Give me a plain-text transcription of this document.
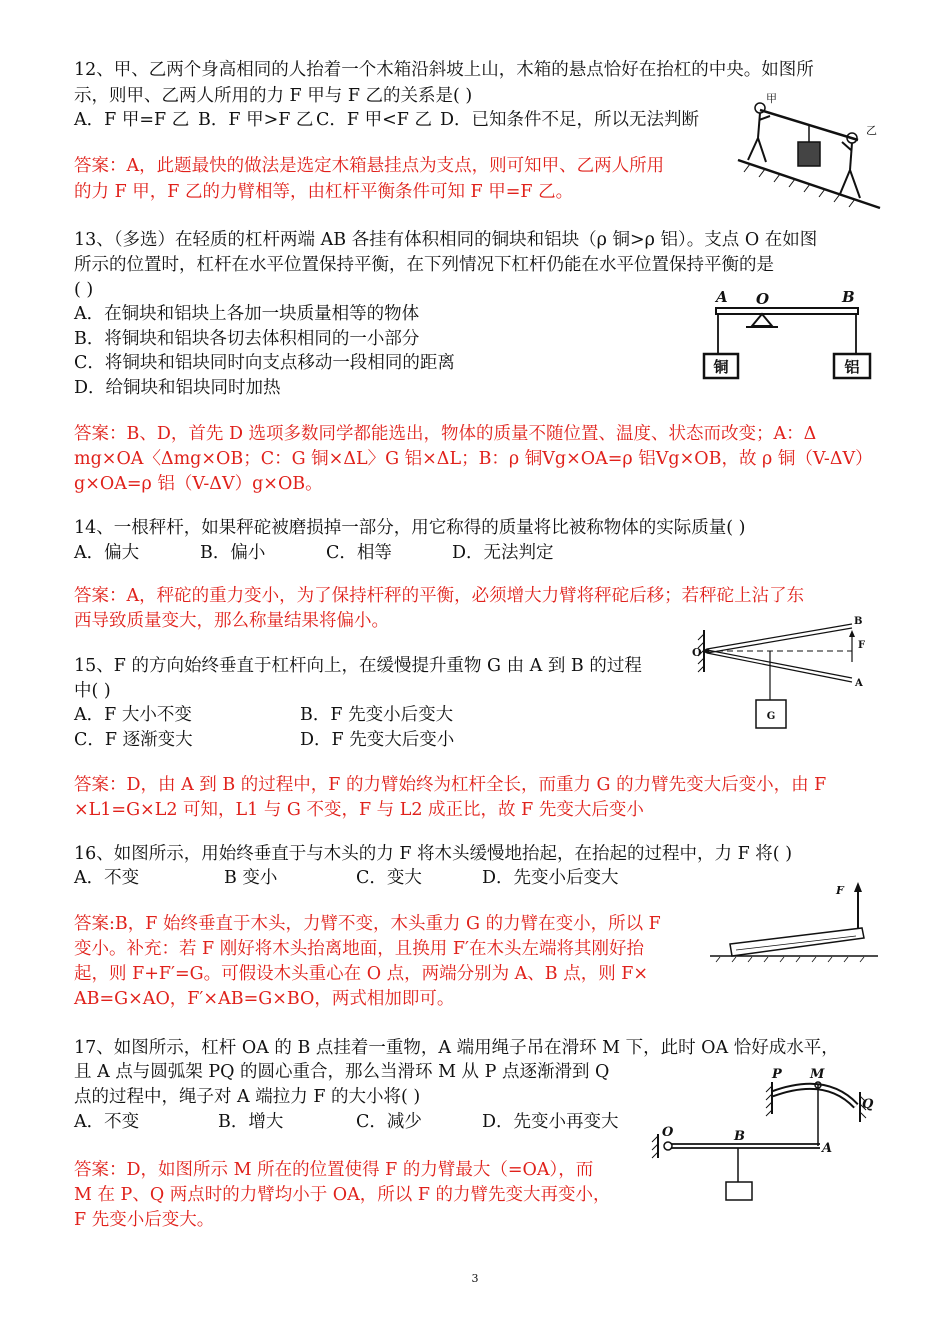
12、甲、乙两个身高相同的人抬着一个木箱沿斜坡上山，木箱的悬点恰好在抬杠的中央。如图所
示，则甲、乙两人所用的力 F 甲与 F 乙的关系是( )
A．F 甲=F 乙 B．F 甲>F 乙 C．F 甲<F 乙 D．已知条件不足，所以无法判断
答案：A，此题最快的做法是选定木箱悬挂点为支点，则可知甲、乙两人所用
的力 F 甲，F 乙的力臂相等，由杠杆平衡条件可知 F 甲=F 乙。
甲
乙
13、（多选）在轻质的杠杆两端 AB 各挂有体积相同的铜块和铝块（ρ 铜>ρ 铝）。支点 O 在如图
所示的位置时，杠杆在水平位置保持平衡，在下列情况下杠杆仍能在水平位置保持平衡的是
( )
A．在铜块和铝块上各加一块质量相等的物体
B．将铜块和铝块各切去体积相同的一小部分
C．将铜块和铝块同时向支点移动一段相同的距离
D．给铜块和铝块同时加热
答案：B、D，首先 D 选项多数同学都能选出，物体的质量不随位置、温度、状态而改变；A：Δ
mg×OA〈Δmg×OB；C：G 铜×ΔL〉G 铝×ΔL；B：ρ 铜Vg×OA=ρ 铝Vg×OB，故 ρ 铜（V-ΔV）
g×OA=ρ 铝（V-ΔV）g×OB。
铜	铝
A O	B
14、一根秤杆，如果秤砣被磨损掉一部分，用它称得的质量将比被称物体的实际质量( )
A．偏大	B．偏小	C．相等	D．无法判定
答案：A，秤砣的重力变小，为了保持杆秤的平衡，必须增大力臂将秤砣后移；若秤砣上沾了东
西导致质量变大，那么称量结果将偏小。
15、F 的方向始终垂直于杠杆向上，在缓慢提升重物 G 由 A 到 B 的过程
中( )
A．F 大小不变	B．F 先变小后变大
C．F 逐渐变大	D．F 先变大后变小
答案：D，由 A 到 B 的过程中，F 的力臂始终为杠杆全长，而重力 G 的力臂先变大后变小，由 F
×L1=G×L2 可知，L1 与 G 不变，F 与 L2 成正比，故 F 先变大后变小
O
B
F
A
G
16、如图所示，用始终垂直于与木头的力 F 将木头缓慢地抬起，在抬起的过程中，力 F 将( )
A．不变	B 变小	C．变大	D．先变小后变大
答案:B，F 始终垂直于木头，力臂不变，木头重力 G 的力臂在变小，所以 F
变小。补充：若 F 刚好将木头抬离地面，且换用 F′在木头左端将其刚好抬
起，则 F+F′=G。可假设木头重心在 O 点，两端分别为 A、B 点，则 F×
AB=G×AO，F′×AB=G×BO，两式相加即可。
F
17、如图所示，杠杆 OA 的 B 点挂着一重物，A 端用绳子吊在滑环 M 下，此时 OA 恰好成水平，
且 A 点与圆弧架 PQ 的圆心重合，那么当滑环 M 从 P 点逐渐滑到 Q
点的过程中，绳子对 A 端拉力 F 的大小将( )
A．不变	B．增大	C．减少	D．先变小再变大
答案：D，如图所示 M 所在的位置使得 F 的力臂最大（=OA），而
M 在 P、Q 两点时的力臂均小于 OA，所以 F 的力臂先变大再变小，
F 先变小后变大。
P M
Q
O	B
A
3
